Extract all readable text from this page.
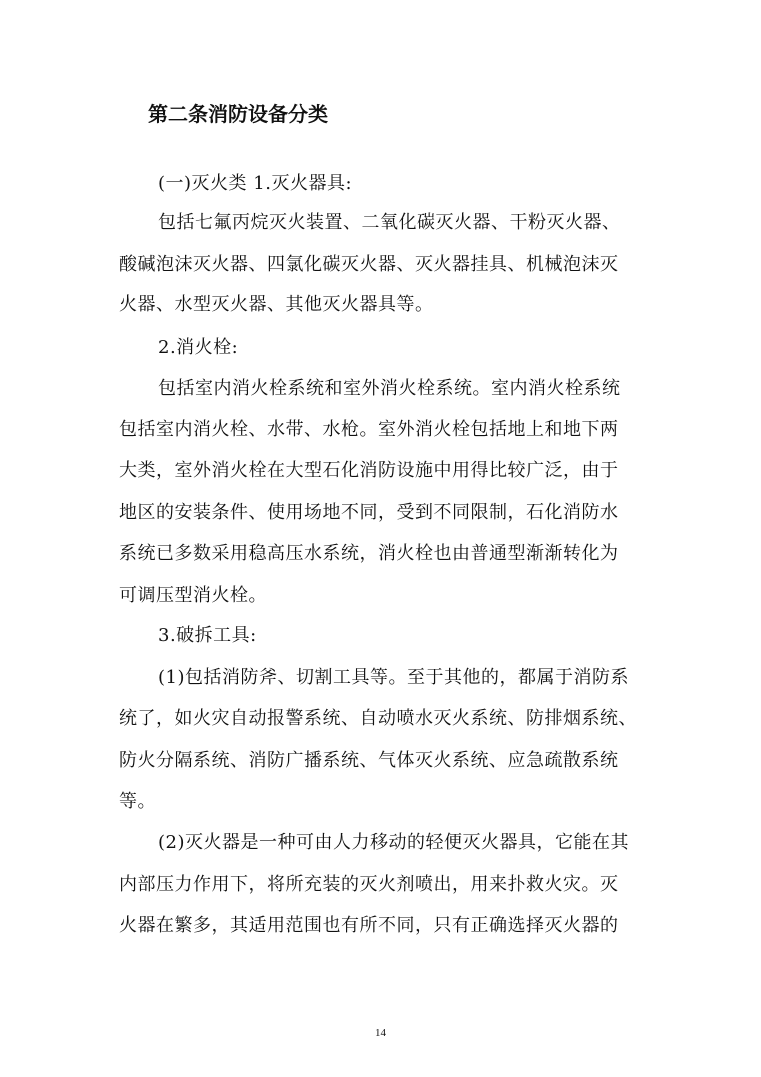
第二条消防设备分类
(一)灭火类 1.灭火器具:
包括七氟丙烷灭火装置、二氧化碳灭火器、干粉灭火器、
酸碱泡沫灭火器、四氯化碳灭火器、灭火器挂具、机械泡沫灭
火器、水型灭火器、其他灭火器具等。
2.消火栓:
包括室内消火栓系统和室外消火栓系统。室内消火栓系统
包括室内消火栓、水带、水枪。室外消火栓包括地上和地下两
大类，室外消火栓在大型石化消防设施中用得比较广泛，由于
地区的安装条件、使用场地不同，受到不同限制，石化消防水
系统已多数采用稳高压水系统，消火栓也由普通型渐渐转化为
可调压型消火栓。
3.破拆工具:
(1)包括消防斧、切割工具等。至于其他的，都属于消防系
统了，如火灾自动报警系统、自动喷水灭火系统、防排烟系统、
防火分隔系统、消防广播系统、气体灭火系统、应急疏散系统
等。
(2)灭火器是一种可由人力移动的轻便灭火器具，它能在其
内部压力作用下，将所充装的灭火剂喷出，用来扑救火灾。灭
火器在繁多，其适用范围也有所不同，只有正确选择灭火器的
14
